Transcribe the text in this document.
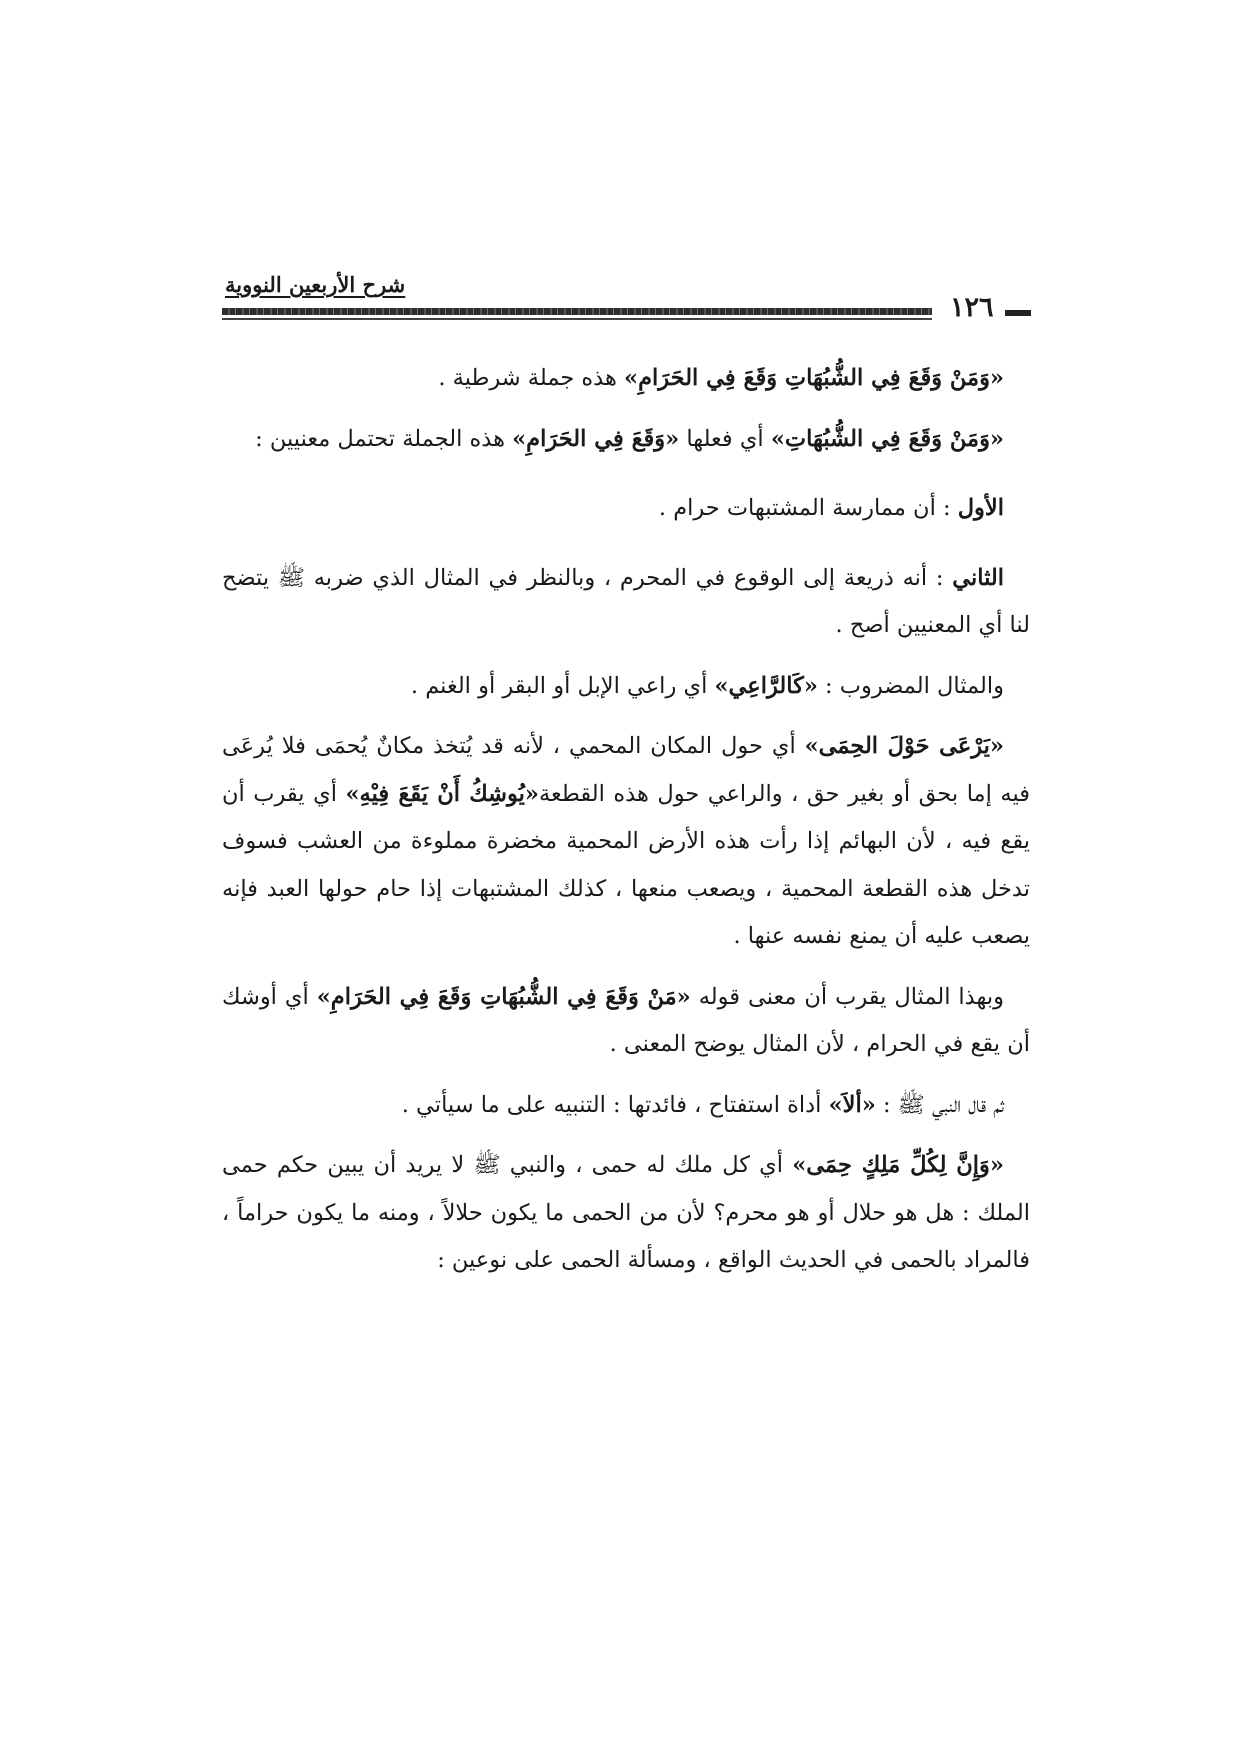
شرح الأربعين النووية
١٢٦

«وَمَنْ وَقَعَ فِي الشُّبُهَاتِ وَقَعَ فِي الحَرَامِ» هذه جملة شرطية .

«وَمَنْ وَقَعَ فِي الشُّبُهَاتِ» أي فعلها «وَقَعَ فِي الحَرَامِ» هذه الجملة تحتمل معنيين :

الأول : أن ممارسة المشتبهات حرام .

الثاني : أنه ذريعة إلى الوقوع في المحرم ، وبالنظر في المثال الذي ضربه ﷺ يتضح لنا أي المعنيين أصح .

والمثال المضروب : «كَالرَّاعِي» أي راعي الإبل أو البقر أو الغنم .

«يَرْعَى حَوْلَ الحِمَى» أي حول المكان المحمي ، لأنه قد يُتخذ مكانٌ يُحمَى فلا يُرعَى فيه إما بحق أو بغير حق ، والراعي حول هذه القطعة«يُوشِكُ أَنْ يَقَعَ فِيْهِ» أي يقرب أن يقع فيه ، لأن البهائم إذا رأت هذه الأرض المحمية مخضرة مملوءة من العشب فسوف تدخل هذه القطعة المحمية ، ويصعب منعها ، كذلك المشتبهات إذا حام حولها العبد فإنه يصعب عليه أن يمنع نفسه عنها .

وبهذا المثال يقرب أن معنى قوله «مَنْ وَقَعَ فِي الشُّبُهَاتِ وَقَعَ فِي الحَرَامِ» أي أوشك أن يقع في الحرام ، لأن المثال يوضح المعنى .

ثم قال النبي ﷺ : «ألاَ» أداة استفتاح ، فائدتها : التنبيه على ما سيأتي .

«وَإِنَّ لِكُلِّ مَلِكٍ حِمَى» أي كل ملك له حمى ، والنبي ﷺ لا يريد أن يبين حكم حمى الملك : هل هو حلال أو هو محرم؟ لأن من الحمى ما يكون حلالاً ، ومنه ما يكون حراماً ، فالمراد بالحمى في الحديث الواقع ، ومسألة الحمى على نوعين :
